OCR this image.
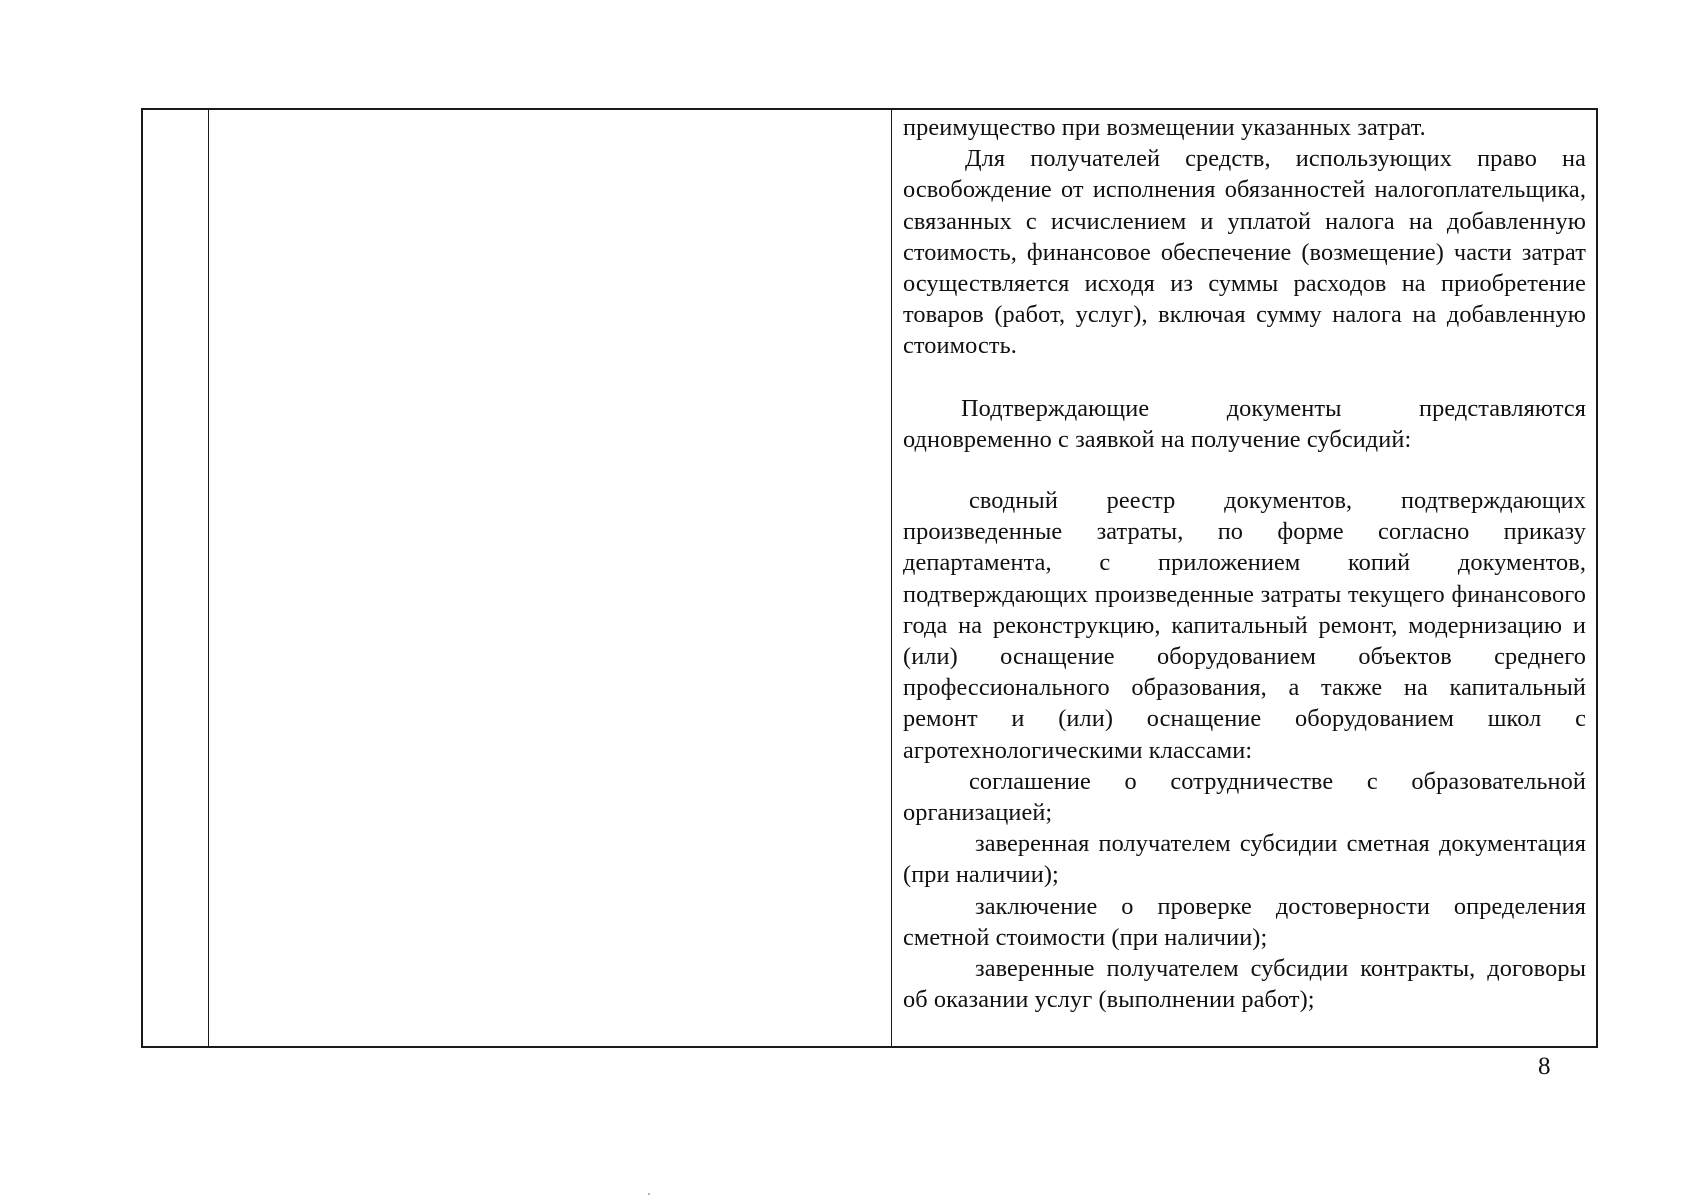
преимущество при возмещении указанных затрат.

Для получателей средств, использующих право на освобождение от исполнения обязанностей налогоплательщика, связанных с исчислением и уплатой налога на добавленную стоимость, финансовое обеспечение (возмещение) части затрат осуществляется исходя из суммы расходов на приобретение товаров (работ, услуг), включая сумму налога на добавленную стоимость.

Подтверждающие документы представляются одновременно с заявкой на получение субсидий:

сводный реестр документов, подтверждающих произведенные затраты, по форме согласно приказу департамента, с приложением копий документов, подтверждающих произведенные затраты текущего финансового года на реконструкцию, капитальный ремонт, модернизацию и (или) оснащение оборудованием объектов среднего профессионального образования, а также на капитальный ремонт и (или) оснащение оборудованием школ с агротехнологическими классами:

соглашение о сотрудничестве с образовательной организацией;

заверенная получателем субсидии сметная документация (при наличии);

заключение о проверке достоверности определения сметной стоимости (при наличии);

заверенные получателем субсидии контракты, договоры об оказании услуг (выполнении работ);

8
